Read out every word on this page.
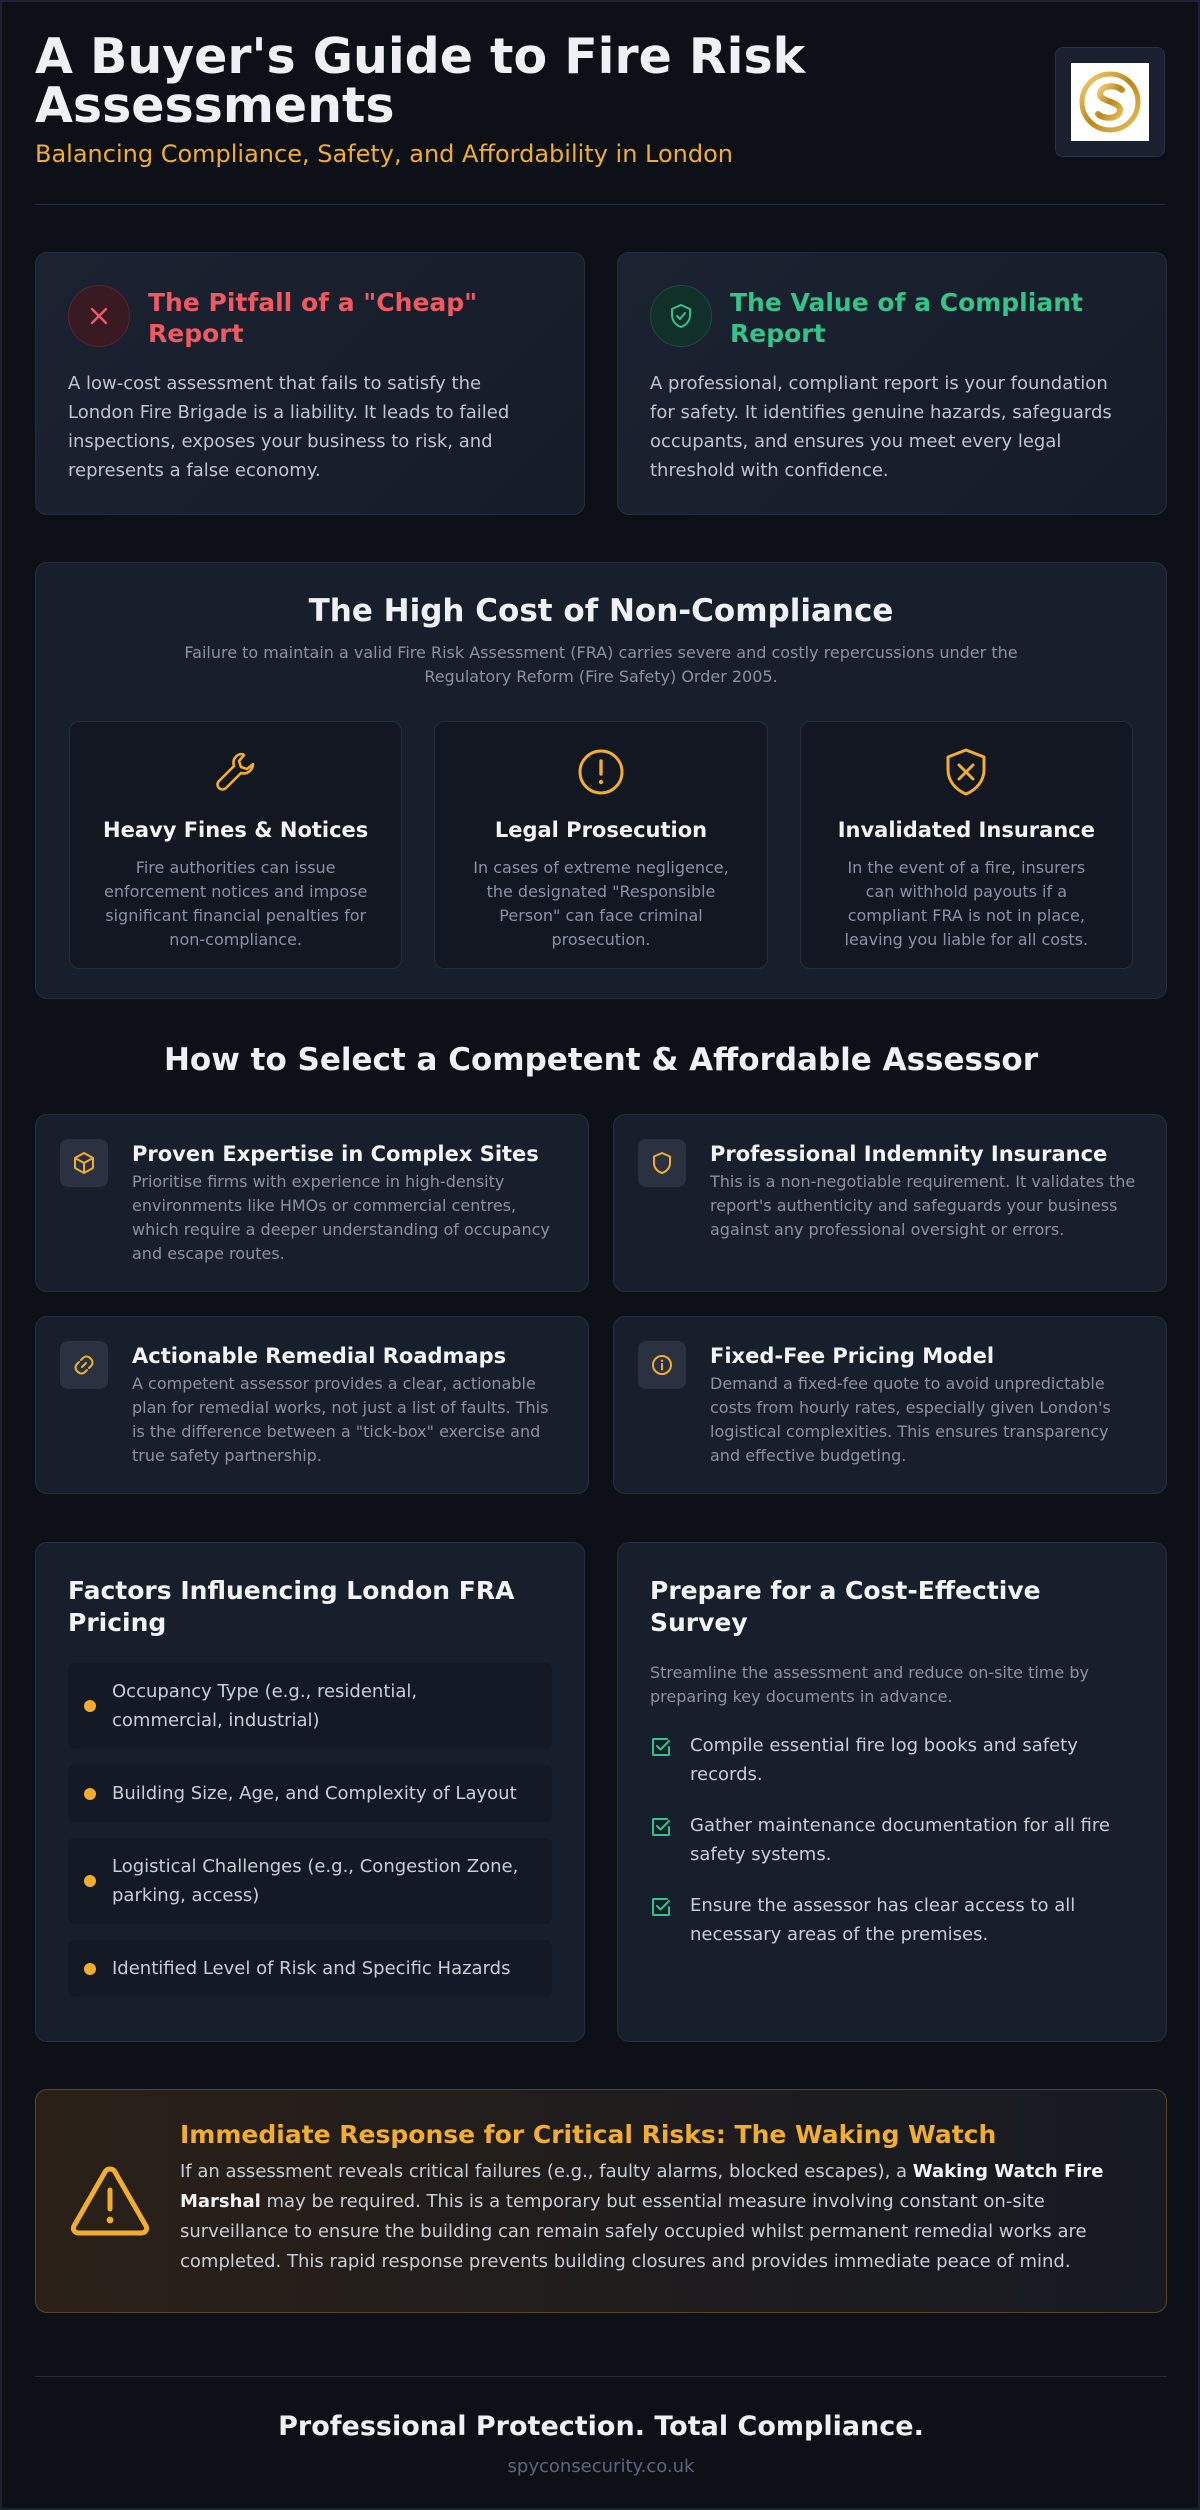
A Buyer's Guide to Fire Risk Assessments
Balancing Compliance, Safety, and Affordability in London
The Pitfall of a "Cheap" Report

A low-cost assessment that fails to satisfy the London Fire Brigade is a liability. It leads to failed inspections, exposes your business to risk, and represents a false economy.

The Value of a Compliant Report

A professional, compliant report is your foundation for safety. It identifies genuine hazards, safeguards occupants, and ensures you meet every legal threshold with confidence.

The High Cost of Non-Compliance

Failure to maintain a valid Fire Risk Assessment (FRA) carries severe and costly repercussions under the Regulatory Reform (Fire Safety) Order 2005.

Heavy Fines & Notices

Fire authorities can issue enforcement notices and impose significant financial penalties for non-compliance.

Legal Prosecution

In cases of extreme negligence, the designated "Responsible Person" can face criminal prosecution.

Invalidated Insurance

In the event of a fire, insurers can withhold payouts if a compliant FRA is not in place, leaving you liable for all costs.

How to Select a Competent & Affordable Assessor
Proven Expertise in Complex Sites

Prioritise firms with experience in high-density environments like HMOs or commercial centres, which require a deeper understanding of occupancy and escape routes.

Professional Indemnity Insurance

This is a non-negotiable requirement. It validates the report's authenticity and safeguards your business against any professional oversight or errors.

Actionable Remedial Roadmaps

A competent assessor provides a clear, actionable plan for remedial works, not just a list of faults. This is the difference between a "tick-box" exercise and true safety partnership.

Fixed-Fee Pricing Model

Demand a fixed-fee quote to avoid unpredictable costs from hourly rates, especially given London's logistical complexities. This ensures transparency and effective budgeting.

Factors Influencing London FRA Pricing
Occupancy Type (e.g., residential, commercial, industrial)
Building Size, Age, and Complexity of Layout
Logistical Challenges (e.g., Congestion Zone, parking, access)
Identified Level of Risk and Specific Hazards
Prepare for a Cost-Effective Survey

Streamline the assessment and reduce on-site time by preparing key documents in advance.

Compile essential fire log books and safety records.
Gather maintenance documentation for all fire safety systems.
Ensure the assessor has clear access to all necessary areas of the premises.
Immediate Response for Critical Risks: The Waking Watch

If an assessment reveals critical failures (e.g., faulty alarms, blocked escapes), a Waking Watch Fire Marshal may be required. This is a temporary but essential measure involving constant on-site surveillance to ensure the building can remain safely occupied whilst permanent remedial works are completed. This rapid response prevents building closures and provides immediate peace of mind.

Professional Protection. Total Compliance.
spyconsecurity.co.uk
